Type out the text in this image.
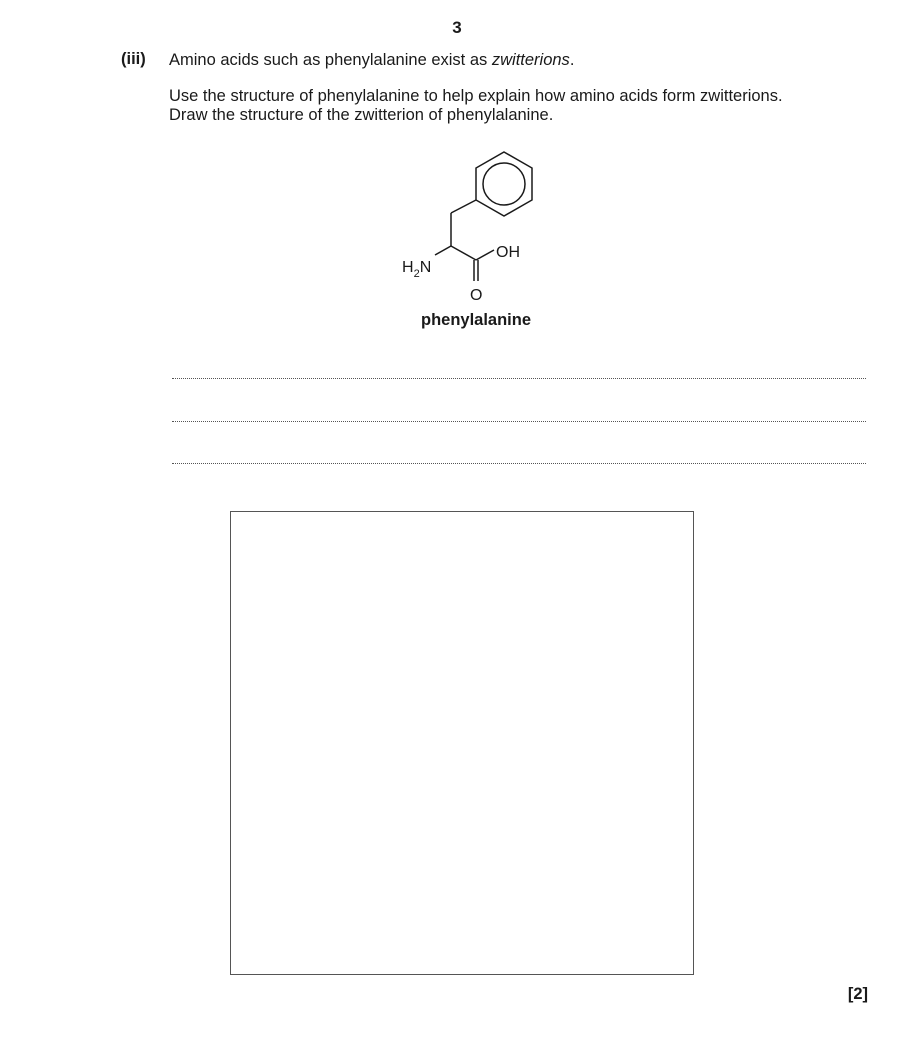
3
(iii) Amino acids such as phenylalanine exist as zwitterions.
Use the structure of phenylalanine to help explain how amino acids form zwitterions.
Draw the structure of the zwitterion of phenylalanine.
$H_2N$
OH
O
phenylalanine
[2]
